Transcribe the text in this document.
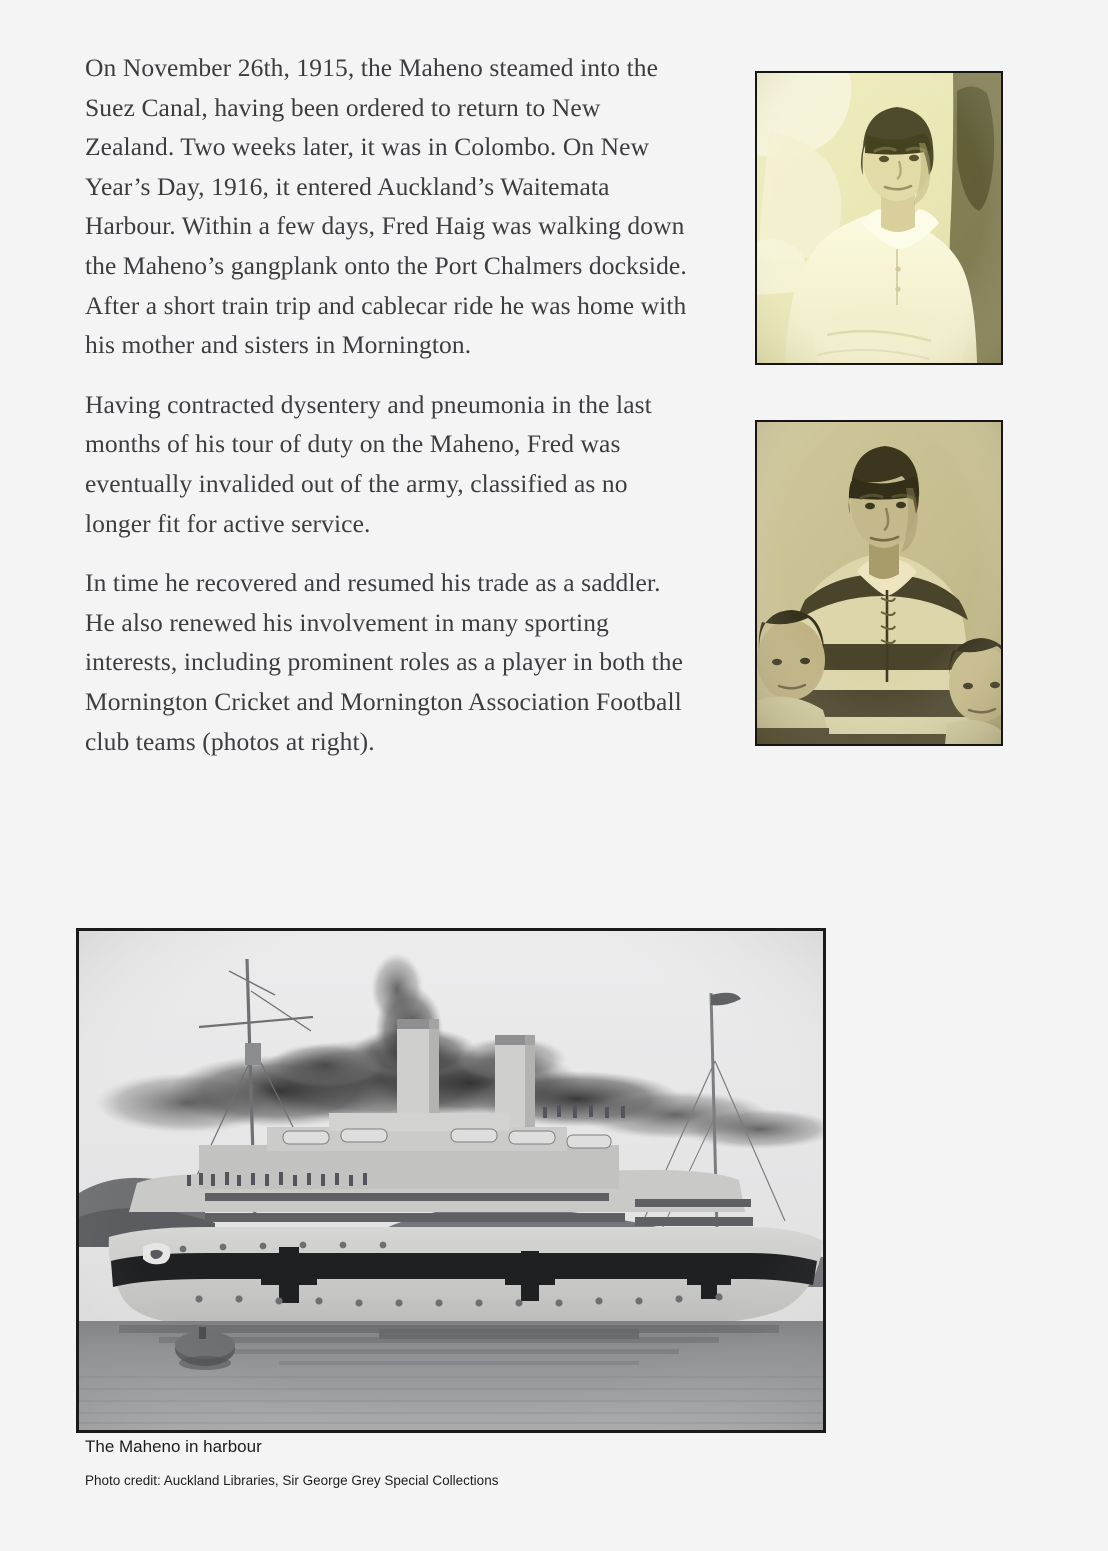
On November 26th, 1915, the Maheno steamed into the Suez Canal, having been ordered to return to New Zealand. Two weeks later, it was in Colombo. On New Year’s Day, 1916, it entered Auckland’s Waitemata Harbour. Within a few days, Fred Haig was walking down the Maheno’s gangplank onto the Port Chalmers dockside. After a short train trip and cablecar ride he was home with his mother and sisters in Mornington.

Having contracted dysentery and pneumonia in the last months of his tour of duty on the Maheno, Fred was eventually invalided out of the army, classified as no longer fit for active service.

In time he recovered and resumed his trade as a saddler. He also renewed his involvement in many sporting interests, including prominent roles as a player in both the Mornington Cricket and Mornington Association Football club teams (photos at right).

The Maheno in harbour

Photo credit: Auckland Libraries, Sir George Grey Special Collections
